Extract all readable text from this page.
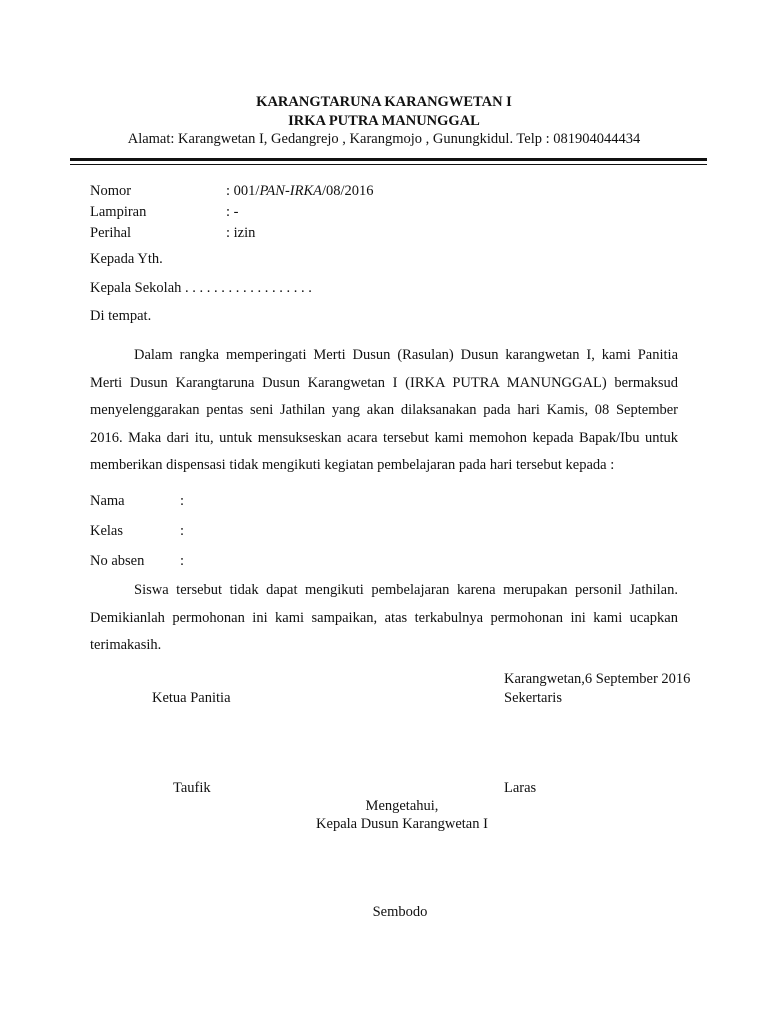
KARANGTARUNA KARANGWETAN I
IRKA PUTRA MANUNGGAL
Alamat: Karangwetan I, Gedangrejo , Karangmojo , Gunungkidul. Telp : 081904044434
Nomor	: 001/PAN-IRKA/08/2016
Lampiran	: -
Perihal	: izin
Kepada Yth.
Kepala Sekolah . . . . . . . . . . . . . . . . . .
Di tempat.
Dalam rangka memperingati Merti Dusun (Rasulan) Dusun karangwetan I, kami Panitia
Merti Dusun Karangtaruna Dusun Karangwetan I (IRKA PUTRA MANUNGGAL) bermaksud
menyelenggarakan pentas seni Jathilan yang akan dilaksanakan pada hari Kamis, 08 September
2016. Maka dari itu, untuk mensukseskan acara tersebut kami memohon kepada Bapak/Ibu untuk
memberikan dispensasi tidak mengikuti kegiatan pembelajaran pada hari tersebut kepada :
Nama	:
Kelas	:
No absen :
Siswa tersebut tidak dapat mengikuti pembelajaran karena merupakan personil Jathilan.
Demikianlah permohonan ini kami sampaikan, atas terkabulnya permohonan ini kami ucapkan
terimakasih.
Karangwetan,6 September 2016
Ketua Panitia	Sekertaris
Taufik	Laras
Mengetahui,
Kepala Dusun Karangwetan I
Sembodo
